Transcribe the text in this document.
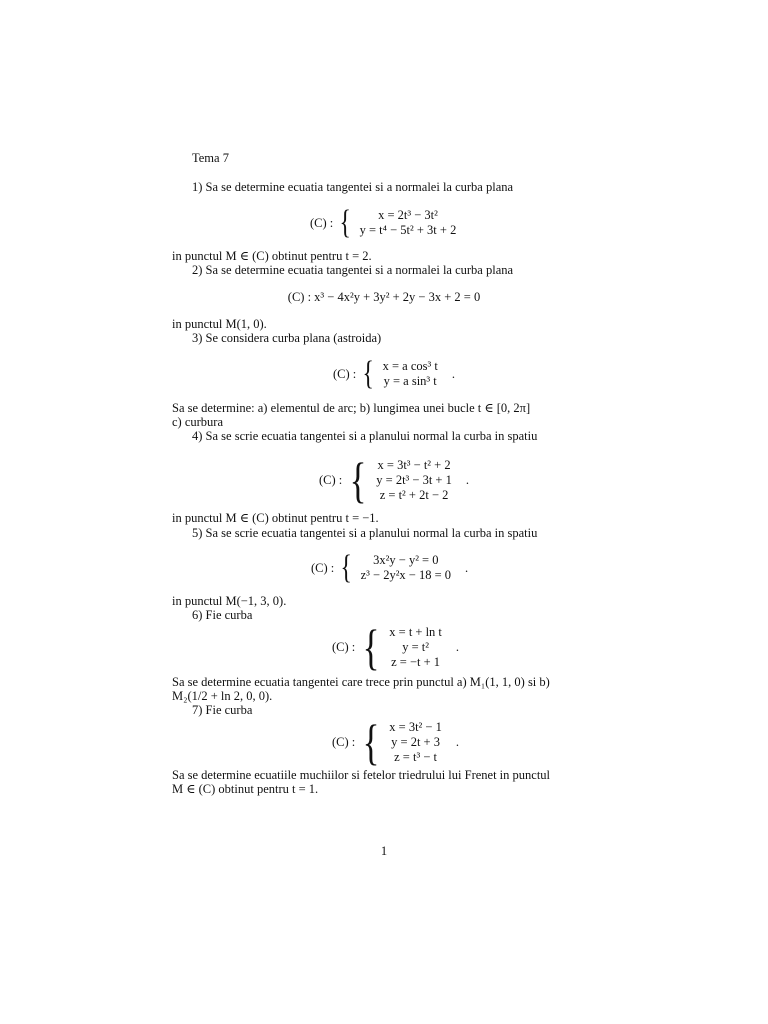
Tema 7
1) Sa se determine ecuatia tangentei si a normalei la curba plana
(C) : { x = 2t³ − 3t²
y = t⁴ − 5t² + 3t + 2
in punctul M ∈ (C) obtinut pentru t = 2.
2) Sa se determine ecuatia tangentei si a normalei la curba plana
(C) : x³ − 4x²y + 3y² + 2y − 3x + 2 = 0
in punctul M(1, 0).
3) Se considera curba plana (astroida)
(C) : { x = a cos³ t
y = a sin³ t
.
Sa se determine: a) elementul de arc; b) lungimea unei bucle t ∈ [0, 2π]
c) curbura
4) Sa se scrie ecuatia tangentei si a planului normal la curba in spatiu
(C) : { x = 3t³ − t² + 2
y = 2t³ − 3t + 1
z = t² + 2t − 2
.
in punctul M ∈ (C) obtinut pentru t = −1.
5) Sa se scrie ecuatia tangentei si a planului normal la curba in spatiu
(C) : { 3x²y − y² = 0
z³ − 2y²x − 18 = 0
.
in punctul M(−1, 3, 0).
6) Fie curba
(C) : { x = t + ln t
y = t²
z = −t + 1
.
Sa se determine ecuatia tangentei care trece prin punctul a) M₁(1, 1, 0) si b)
M₂(1/2 + ln 2, 0, 0).
7) Fie curba
(C) : { x = 3t² − 1
y = 2t + 3
z = t³ − t
.
Sa se determine ecuatiile muchiilor si fetelor triedrului lui Frenet in punctul
M ∈ (C) obtinut pentru t = 1.
1
